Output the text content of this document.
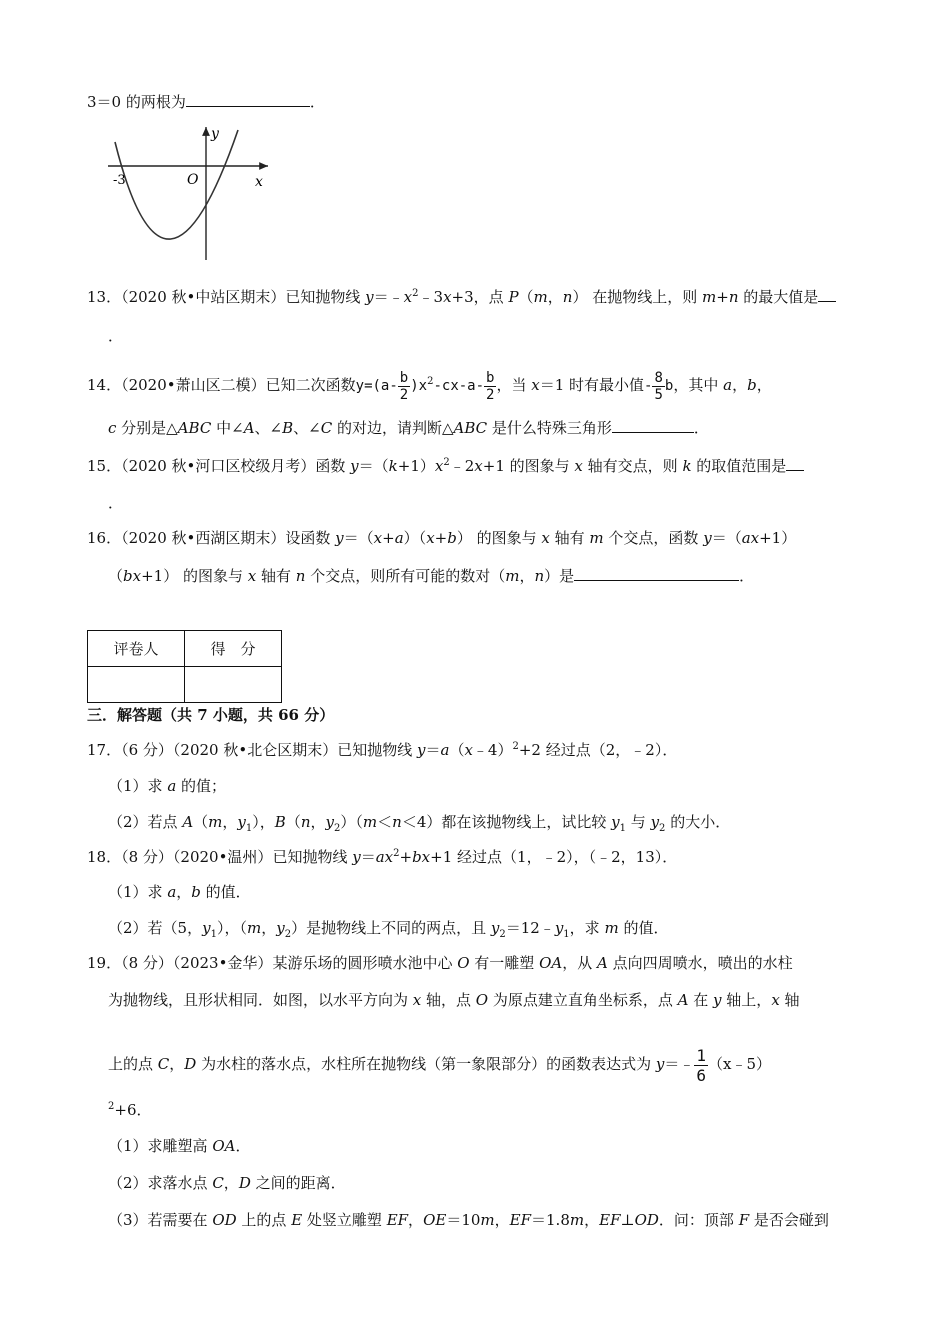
3＝0 的两根为	．
y
x
O
-3
13．（2020 秋•中站区期末）已知抛物线 $y=﹣x^2﹣3x+3$，点 P（m，n） 在抛物线上，则 m+n 的最大值是
．
14．（2020•萧山区二模）已知二次函数$y=(a- \frac{b}{2} )x^2-cx-a- \frac{b}{2}$ ，当 x＝1 时有最小值- $\frac{8}{5}$ b，其中 a，b，
c 分别是△ABC 中∠A、∠B、∠C 的对边，请判断△ABC 是什么特殊三角形	．
15．（2020 秋•河口区校级月考）函数 $y=(k+1)x^2﹣2x+1$ 的图象与 x 轴有交点，则 k 的取值范围是
．
16．（2020 秋•西湖区期末）设函数 y＝（x+a）（x+b） 的图象与 x 轴有 m 个交点，函数 y＝（ax+1）
（bx+1） 的图象与 x 轴有 n 个交点，则所有可能的数对（m，n）是	．
评卷人	得　分

三．解答题（共 7 小题，共 66 分）
17．（6 分）（2020 秋•北仑区期末）已知抛物线 y＝a（x﹣4）$^2$+2 经过点（2，﹣2）．
（1）求 a 的值；
（2）若点 A（m，$y_1$），B（n，$y_2)(m<n<4)$都在该抛物线上，试比较 $y_1$ 与 $y_2$ 的大小．
18．（8 分）（2020•温州）已知抛物线 $y=ax^2+bx+1$ 经过点（1，﹣2），（﹣2，13）．
（1）求 a，b 的值．
（2）若（5，$y_1$），（m，$y_2$）是抛物线上不同的两点，且 $y_2=12﹣y_1$，求 m 的值．
19．（8 分）（2023•金华）某游乐场的圆形喷水池中心 O 有一雕塑 OA，从 A 点向四周喷水，喷出的水柱
为抛物线，且形状相同．如图，以水平方向为 x 轴，点 O 为原点建立直角坐标系，点 A 在 y 轴上，x 轴
上的点 C，D 为水柱的落水点，水柱所在抛物线（第一象限部分）的函数表达式为 y＝﹣ $\frac{1}{6}$ （x﹣5）
$^2$+6．
（1）求雕塑高 OA．
（2）求落水点 C，D 之间的距离．
（3）若需要在 OD 上的点 E 处竖立雕塑 EF，OE＝10m，EF＝1.8m，EF⊥OD．问：顶部 F 是否会碰到
